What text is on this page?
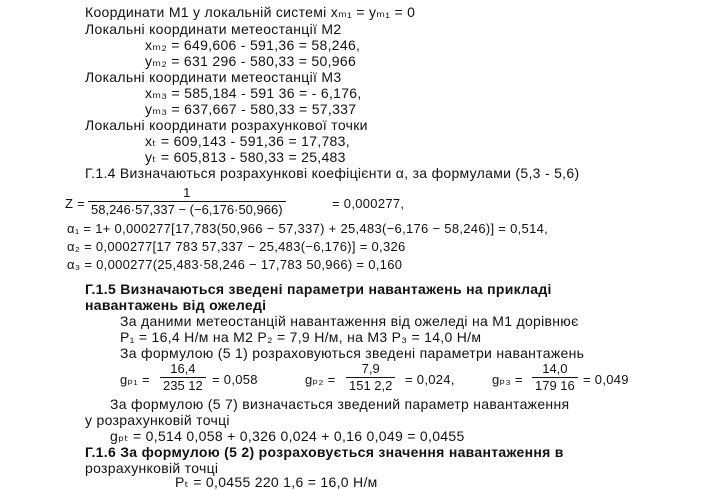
Координати М1 у локальній системі xₘ₁ = yₘ₁ = 0
Локальні координати метеостанції М2
xₘ₂ = 649,606 - 591,36 = 58,246,
yₘ₂ = 631 296 - 580,33 = 50,966
Локальні координати метеостанції М3
xₘ₃ = 585,184 - 591 36 = - 6,176,
yₘ₃ = 637,667 - 580,33 = 57,337
Локальні координати розрахункової точки
xₜ = 609,143 - 591,36 = 17,783,
yₜ = 605,813 - 580,33 = 25,483
Г.1.4 Визначаються розрахункові коефіцієнти α, за формулами (5,3 - 5,6)
$Z = \frac{1}{58,246\cdot 57,337 - (-6,176\cdot 50,966)}$	= 0,000277,
α₁ = 1+ 0,000277[17,783(50,966 − 57,337) + 25,483(−6,176 − 58,246)] = 0,514,
α₂ = 0,000277[17 783 57,337 − 25,483(−6,176)] = 0,326
α₃ = 0,000277(25,483·58,246 − 17,783 50,966) = 0,160
Г.1.5 Визначаються зведені параметри навантажень на прикладі
навантажень від ожеледі
За даними метеостанцій навантаження від ожеледі на М1 дорівнює
P₁ = 16,4 Н/м на М2 P₂ = 7,9 Н/м, на М3 P₃ = 14,0 Н/м
За формулою (5 1) розраховуються зведені параметри навантажень
$g_{p1} = \frac{16,4}{235 12} = 0,058$	$g_{p2} = \frac{7,9}{151 2,2} = 0,024$,	$g_{p3} = \frac{14,0}{179 16} = 0,049$
За формулою (5 7) визначається зведений параметр навантаження
у розрахунковій точці
gₚₜ = 0,514 0,058 + 0,326 0,024 + 0,16 0,049 = 0,0455
Г.1.6 За формулою (5 2) розраховується значення навантаження в
розрахунковій точці
Pₜ = 0,0455 220 1,6 = 16,0 Н/м
